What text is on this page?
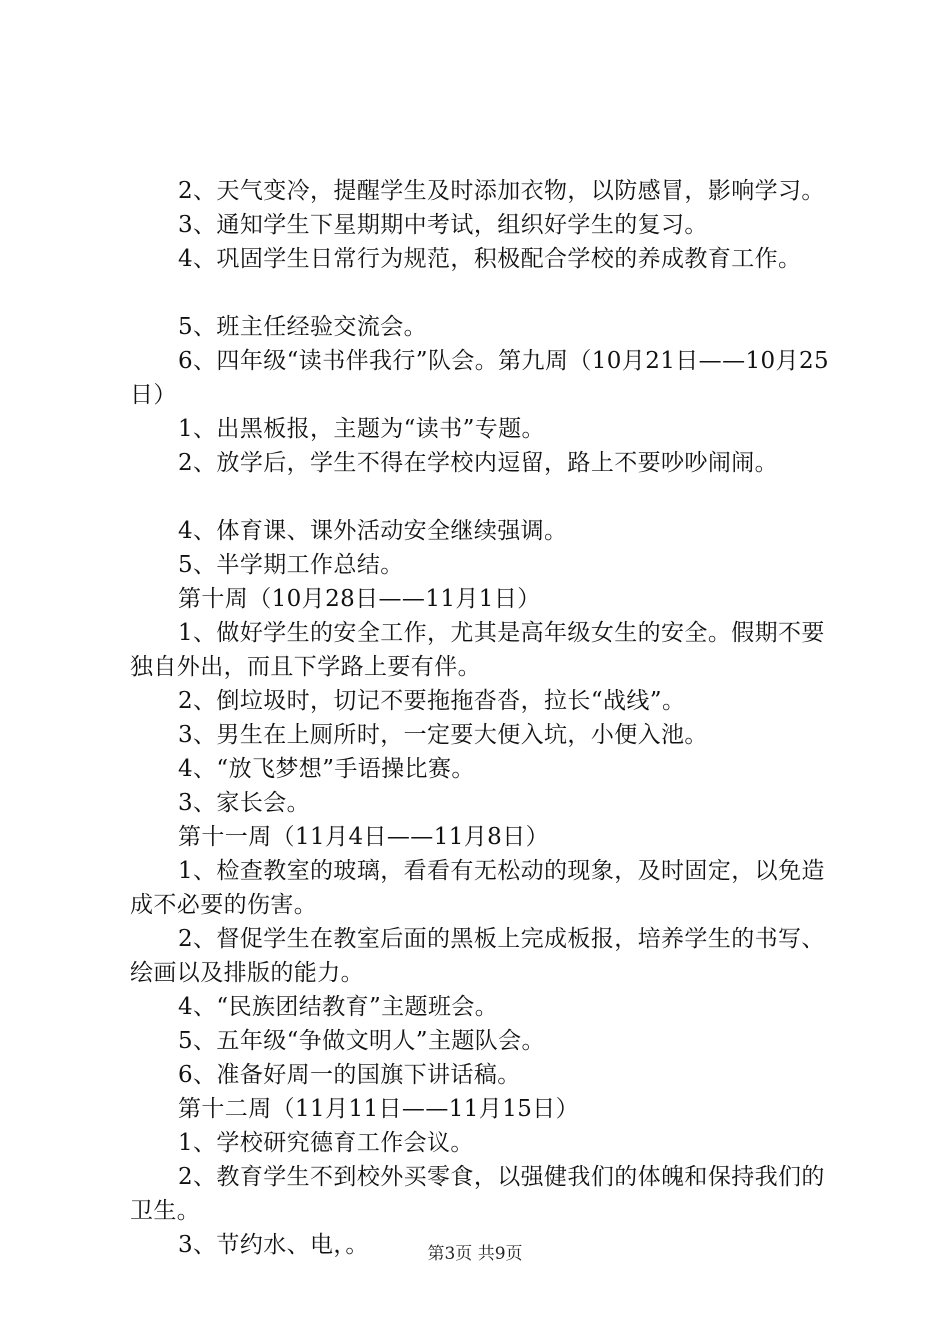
2、天气变冷，提醒学生及时添加衣物，以防感冒，影响学习。

3、通知学生下星期期中考试，组织好学生的复习。

4、巩固学生日常行为规范，积极配合学校的养成教育工作。

5、班主任经验交流会。

6、四年级“读书伴我行”队会。第九周（10月21日——10月25日）

1、出黑板报，主题为“读书”专题。

2、放学后，学生不得在学校内逗留，路上不要吵吵闹闹。

4、体育课、课外活动安全继续强调。

5、半学期工作总结。

第十周（10月28日——11月1日）

1、做好学生的安全工作，尤其是高年级女生的安全。假期不要独自外出，而且下学路上要有伴。

2、倒垃圾时，切记不要拖拖沓沓，拉长“战线”。

3、男生在上厕所时，一定要大便入坑，小便入池。

4、“放飞梦想”手语操比赛。

3、家长会。

第十一周（11月4日——11月8日）

1、检查教室的玻璃，看看有无松动的现象，及时固定，以免造成不必要的伤害。

2、督促学生在教室后面的黑板上完成板报，培养学生的书写、绘画以及排版的能力。

4、“民族团结教育”主题班会。

5、五年级“争做文明人”主题队会。

6、准备好周一的国旗下讲话稿。

第十二周（11月11日——11月15日）

1、学校研究德育工作会议。

2、教育学生不到校外买零食，以强健我们的体魄和保持我们的卫生。

3、节约水、电，。	第3页 共9页
